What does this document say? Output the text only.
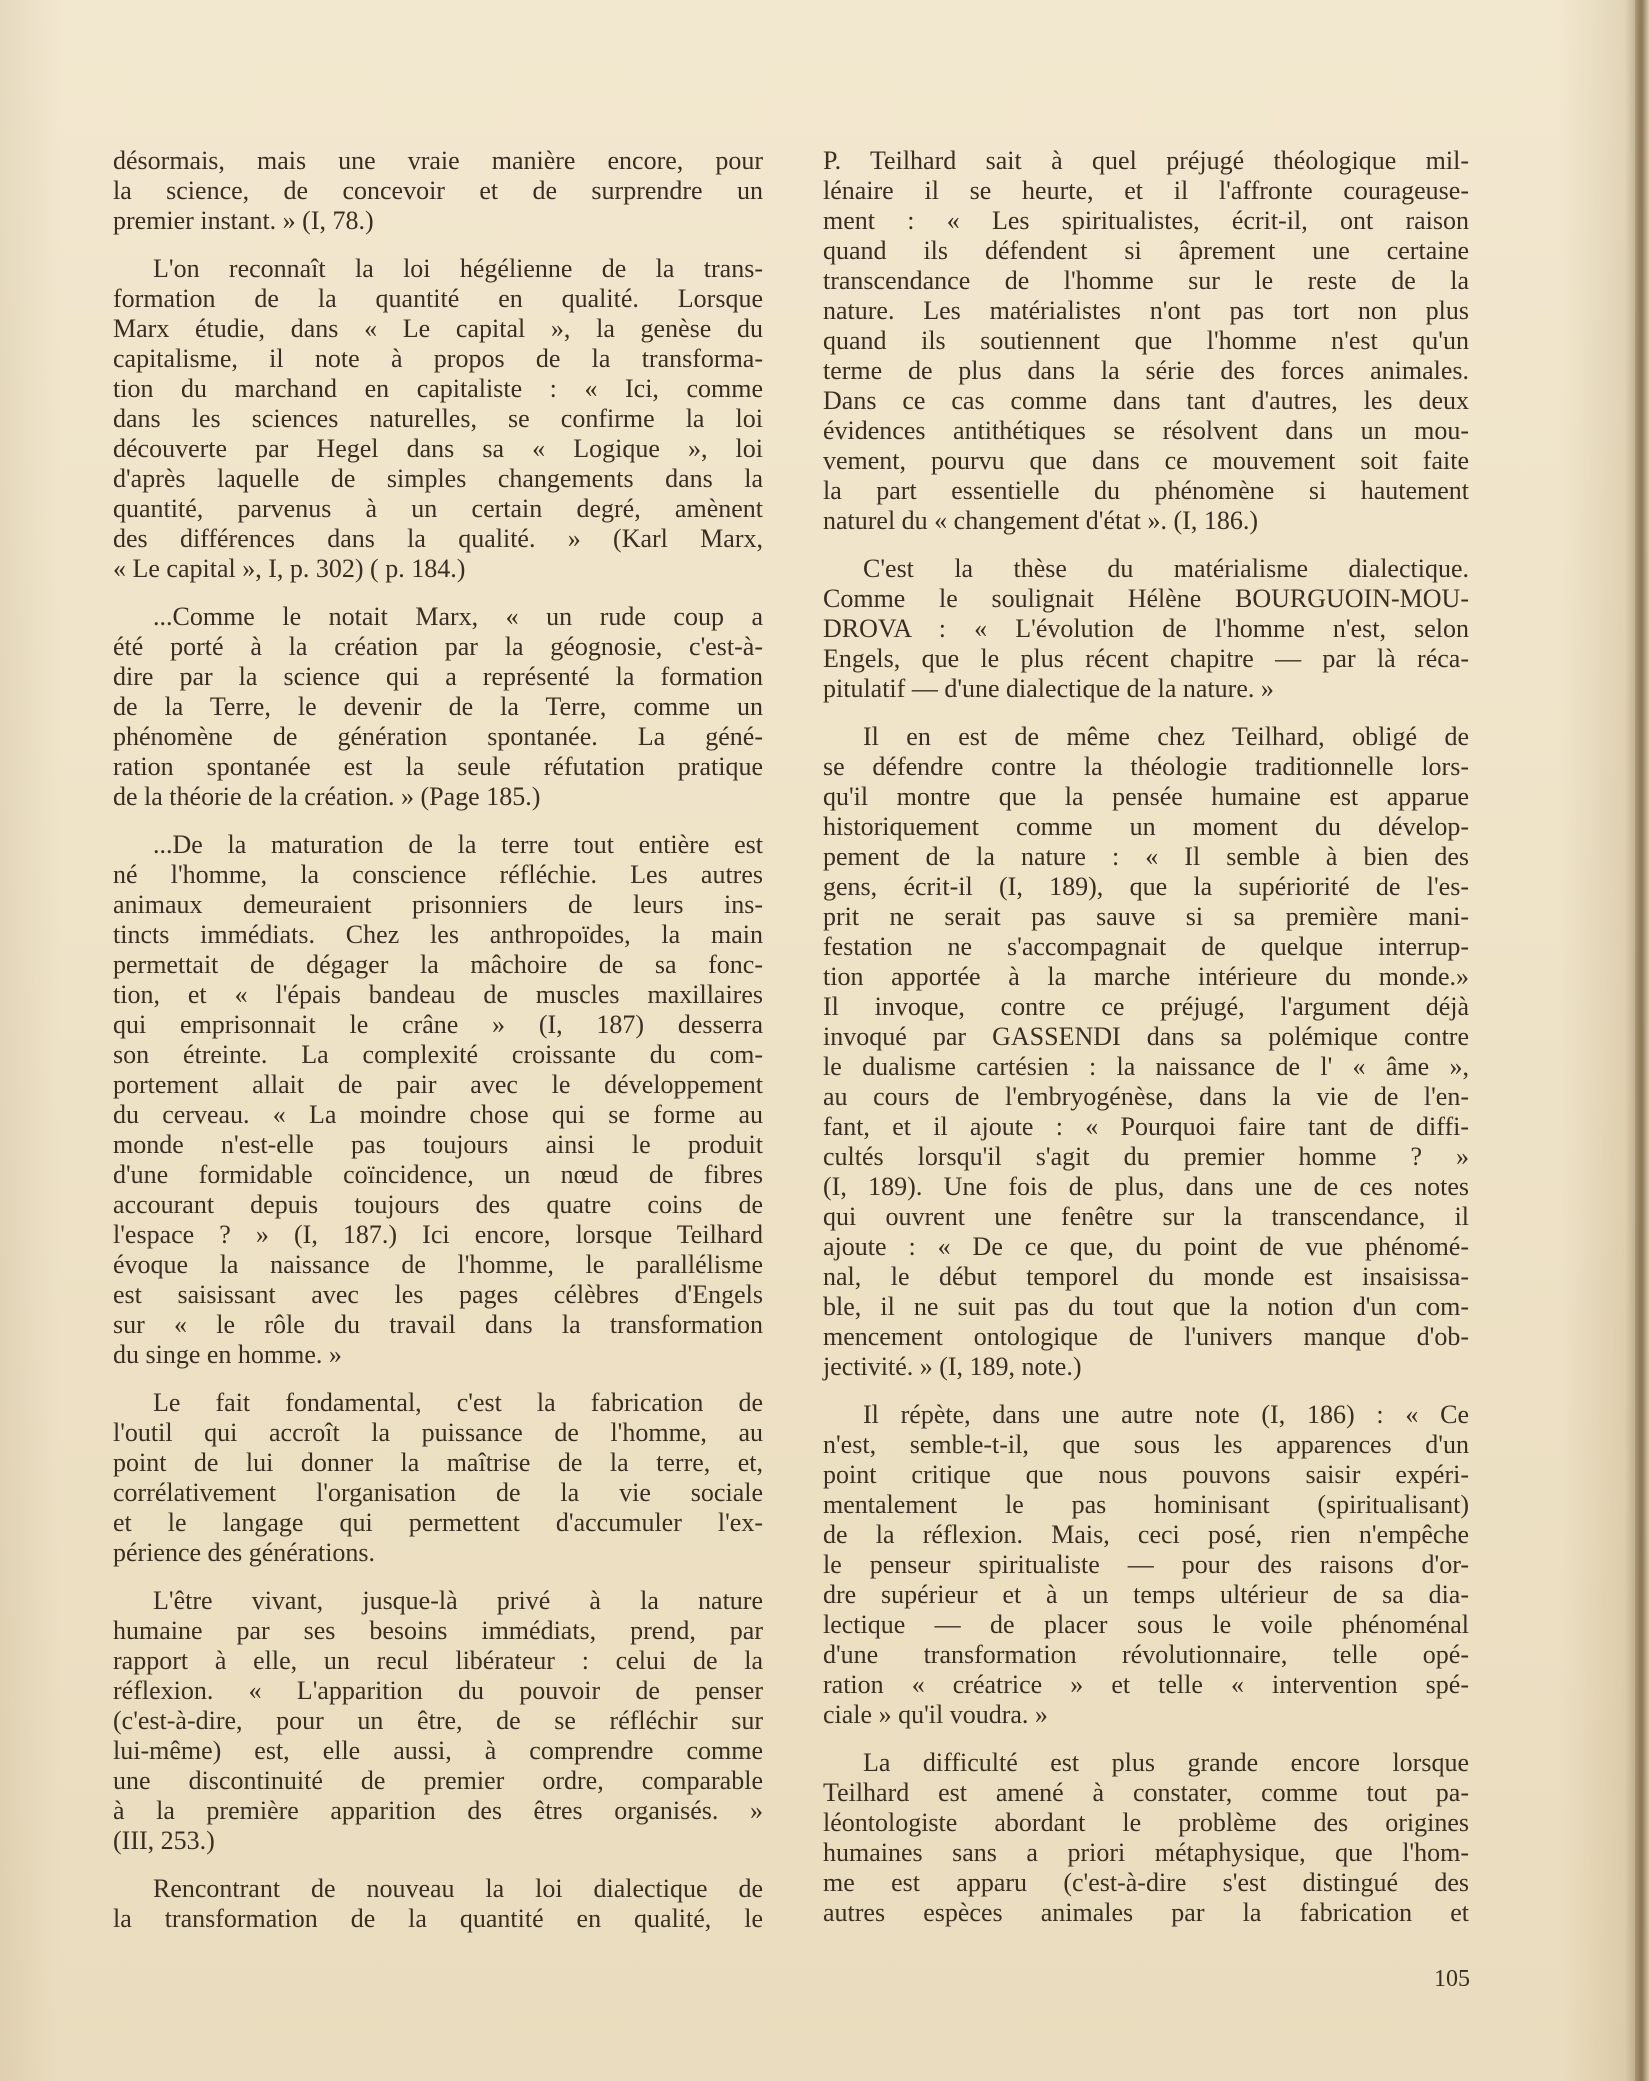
désormais, mais une vraie manière encore, pour
la science, de concevoir et de surprendre un
premier instant. » (I, 78.)
L'on reconnaît la loi hégélienne de la trans-
formation de la quantité en qualité. Lorsque
Marx étudie, dans « Le capital », la genèse du
capitalisme, il note à propos de la transforma-
tion du marchand en capitaliste : « Ici, comme
dans les sciences naturelles, se confirme la loi
découverte par Hegel dans sa « Logique », loi
d'après laquelle de simples changements dans la
quantité, parvenus à un certain degré, amènent
des différences dans la qualité. » (Karl Marx,
« Le capital », I, p. 302) ( p. 184.)
...Comme le notait Marx, « un rude coup a
été porté à la création par la géognosie, c'est-à-
dire par la science qui a représenté la formation
de la Terre, le devenir de la Terre, comme un
phénomène de génération spontanée. La géné-
ration spontanée est la seule réfutation pratique
de la théorie de la création. » (Page 185.)
...De la maturation de la terre tout entière est
né l'homme, la conscience réfléchie. Les autres
animaux demeuraient prisonniers de leurs ins-
tincts immédiats. Chez les anthropoïdes, la main
permettait de dégager la mâchoire de sa fonc-
tion, et « l'épais bandeau de muscles maxillaires
qui emprisonnait le crâne » (I, 187) desserra
son étreinte. La complexité croissante du com-
portement allait de pair avec le développement
du cerveau. « La moindre chose qui se forme au
monde n'est-elle pas toujours ainsi le produit
d'une formidable coïncidence, un nœud de fibres
accourant depuis toujours des quatre coins de
l'espace ? » (I, 187.) Ici encore, lorsque Teilhard
évoque la naissance de l'homme, le parallélisme
est saisissant avec les pages célèbres d'Engels
sur « le rôle du travail dans la transformation
du singe en homme. »
Le fait fondamental, c'est la fabrication de
l'outil qui accroît la puissance de l'homme, au
point de lui donner la maîtrise de la terre, et,
corrélativement l'organisation de la vie sociale
et le langage qui permettent d'accumuler l'ex-
périence des générations.
L'être vivant, jusque-là privé à la nature
humaine par ses besoins immédiats, prend, par
rapport à elle, un recul libérateur : celui de la
réflexion. « L'apparition du pouvoir de penser
(c'est-à-dire, pour un être, de se réfléchir sur
lui-même) est, elle aussi, à comprendre comme
une discontinuité de premier ordre, comparable
à la première apparition des êtres organisés. »
(III, 253.)
Rencontrant de nouveau la loi dialectique de
la transformation de la quantité en qualité, le
P. Teilhard sait à quel préjugé théologique mil-
lénaire il se heurte, et il l'affronte courageuse-
ment : « Les spiritualistes, écrit-il, ont raison
quand ils défendent si âprement une certaine
transcendance de l'homme sur le reste de la
nature. Les matérialistes n'ont pas tort non plus
quand ils soutiennent que l'homme n'est qu'un
terme de plus dans la série des forces animales.
Dans ce cas comme dans tant d'autres, les deux
évidences antithétiques se résolvent dans un mou-
vement, pourvu que dans ce mouvement soit faite
la part essentielle du phénomène si hautement
naturel du « changement d'état ». (I, 186.)
C'est la thèse du matérialisme dialectique.
Comme le soulignait Hélène BOURGUOIN-MOU-
DROVA : « L'évolution de l'homme n'est, selon
Engels, que le plus récent chapitre — par là réca-
pitulatif — d'une dialectique de la nature. »
Il en est de même chez Teilhard, obligé de
se défendre contre la théologie traditionnelle lors-
qu'il montre que la pensée humaine est apparue
historiquement comme un moment du dévelop-
pement de la nature : « Il semble à bien des
gens, écrit-il (I, 189), que la supériorité de l'es-
prit ne serait pas sauve si sa première mani-
festation ne s'accompagnait de quelque interrup-
tion apportée à la marche intérieure du monde.»
Il invoque, contre ce préjugé, l'argument déjà
invoqué par GASSENDI dans sa polémique contre
le dualisme cartésien : la naissance de l' « âme »,
au cours de l'embryogénèse, dans la vie de l'en-
fant, et il ajoute : « Pourquoi faire tant de diffi-
cultés lorsqu'il s'agit du premier homme ? »
(I, 189). Une fois de plus, dans une de ces notes
qui ouvrent une fenêtre sur la transcendance, il
ajoute : « De ce que, du point de vue phénomé-
nal, le début temporel du monde est insaisissa-
ble, il ne suit pas du tout que la notion d'un com-
mencement ontologique de l'univers manque d'ob-
jectivité. » (I, 189, note.)
Il répète, dans une autre note (I, 186) : « Ce
n'est, semble-t-il, que sous les apparences d'un
point critique que nous pouvons saisir expéri-
mentalement le pas hominisant (spiritualisant)
de la réflexion. Mais, ceci posé, rien n'empêche
le penseur spiritualiste — pour des raisons d'or-
dre supérieur et à un temps ultérieur de sa dia-
lectique — de placer sous le voile phénoménal
d'une transformation révolutionnaire, telle opé-
ration « créatrice » et telle « intervention spé-
ciale » qu'il voudra. »
La difficulté est plus grande encore lorsque
Teilhard est amené à constater, comme tout pa-
léontologiste abordant le problème des origines
humaines sans a priori métaphysique, que l'hom-
me est apparu (c'est-à-dire s'est distingué des
autres espèces animales par la fabrication et
105
